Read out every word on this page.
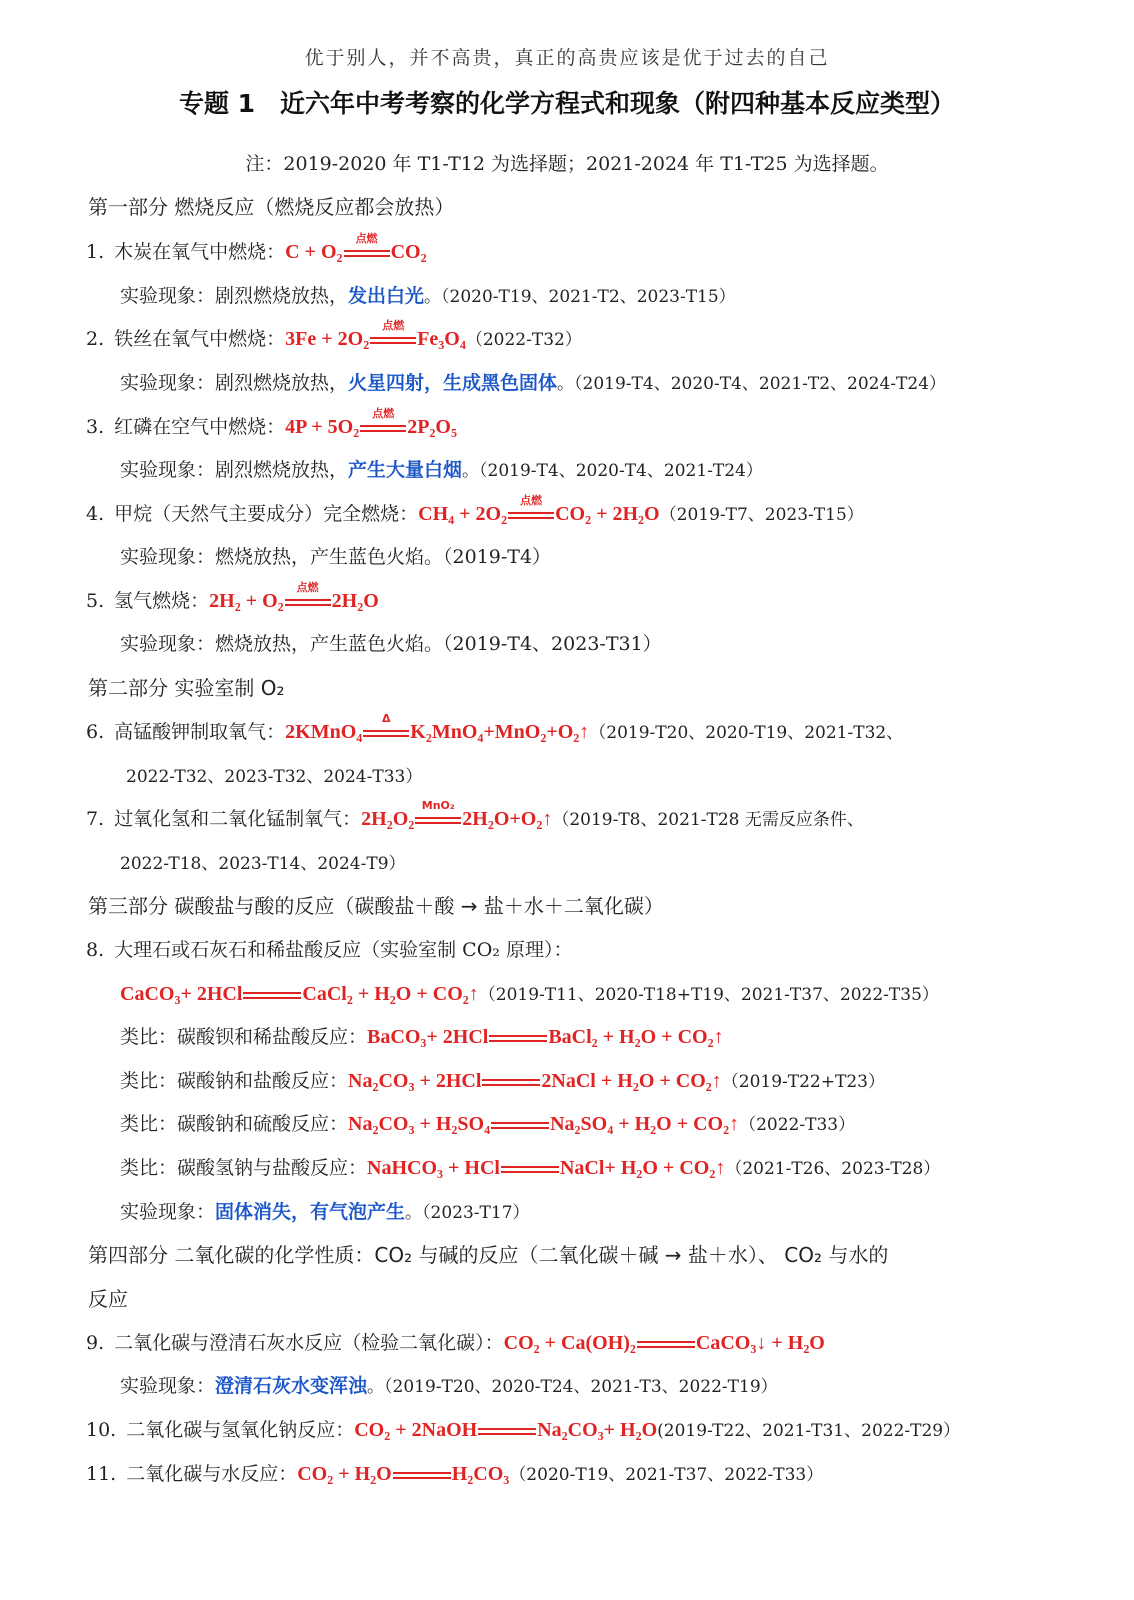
优于别人，并不高贵，真正的高贵应该是优于过去的自己
专题 1　近六年中考考察的化学方程式和现象（附四种基本反应类型）
注：2019-2020 年 T1-T12 为选择题；2021-2024 年 T1-T25 为选择题。
第一部分 燃烧反应（燃烧反应都会放热）
1. 木炭在氧气中燃烧：C + O₂
点燃
CO₂
实验现象：剧烈燃烧放热，发出白光。（2020-T19、2021-T2、2023-T15）
2. 铁丝在氧气中燃烧：3Fe + 2O₂
点燃
Fe₃O₄（2022-T32）
实验现象：剧烈燃烧放热，火星四射，生成黑色固体。（2019-T4、2020-T4、2021-T2、2024-T24）
3. 红磷在空气中燃烧：4P + 5O₂
点燃
2P₂O₅
实验现象：剧烈燃烧放热，产生大量白烟。（2019-T4、2020-T4、2021-T24）
4. 甲烷（天然气主要成分）完全燃烧：CH₄ + 2O₂
点燃
CO₂ + 2H₂O（2019-T7、2023-T15）
实验现象：燃烧放热，产生蓝色火焰。（2019-T4）
5. 氢气燃烧：2H₂ + O₂
点燃
2H₂O
实验现象：燃烧放热，产生蓝色火焰。（2019-T4、2023-T31）
第二部分 实验室制 O₂
6. 高锰酸钾制取氧气：2KMnO₄
Δ
K₂MnO₄+MnO₂+O₂↑（2019-T20、2020-T19、2021-T32、
2022-T32、2023-T32、2024-T33）
7. 过氧化氢和二氧化锰制氧气：2H₂O₂
MnO₂
2H₂O+O₂↑（2019-T8、2021-T28 无需反应条件、
2022-T18、2023-T14、2024-T9）
第三部分 碳酸盐与酸的反应（碳酸盐＋酸 → 盐＋水＋二氧化碳）
8. 大理石或石灰石和稀盐酸反应（实验室制 CO₂ 原理）：
CaCO₃+ 2HCl	CaCl₂ + H₂O + CO₂↑（2019-T11、2020-T18+T19、2021-T37、2022-T35）
类比：碳酸钡和稀盐酸反应：BaCO₃+ 2HCl	BaCl₂ + H₂O + CO₂↑
类比：碳酸钠和盐酸反应：Na₂CO₃ + 2HCl	2NaCl + H₂O + CO₂↑（2019-T22+T23）
类比：碳酸钠和硫酸反应：Na₂CO₃ + H₂SO₄	Na₂SO₄ + H₂O + CO₂↑（2022-T33）
类比：碳酸氢钠与盐酸反应：NaHCO₃ + HCl	NaCl+ H₂O + CO₂↑（2021-T26、2023-T28）
实验现象：固体消失，有气泡产生。（2023-T17）
第四部分 二氧化碳的化学性质：CO₂ 与碱的反应（二氧化碳＋碱 → 盐＋水）、 CO₂ 与水的
反应
9. 二氧化碳与澄清石灰水反应（检验二氧化碳）：CO₂ + Ca(OH)₂	CaCO₃↓ + H₂O
实验现象：澄清石灰水变浑浊。（2019-T20、2020-T24、2021-T3、2022-T19）
10. 二氧化碳与氢氧化钠反应：CO₂ + 2NaOH	Na₂CO₃+ H₂O(2019-T22、2021-T31、2022-T29）
11. 二氧化碳与水反应：CO₂ + H₂O	H₂CO₃（2020-T19、2021-T37、2022-T33）
